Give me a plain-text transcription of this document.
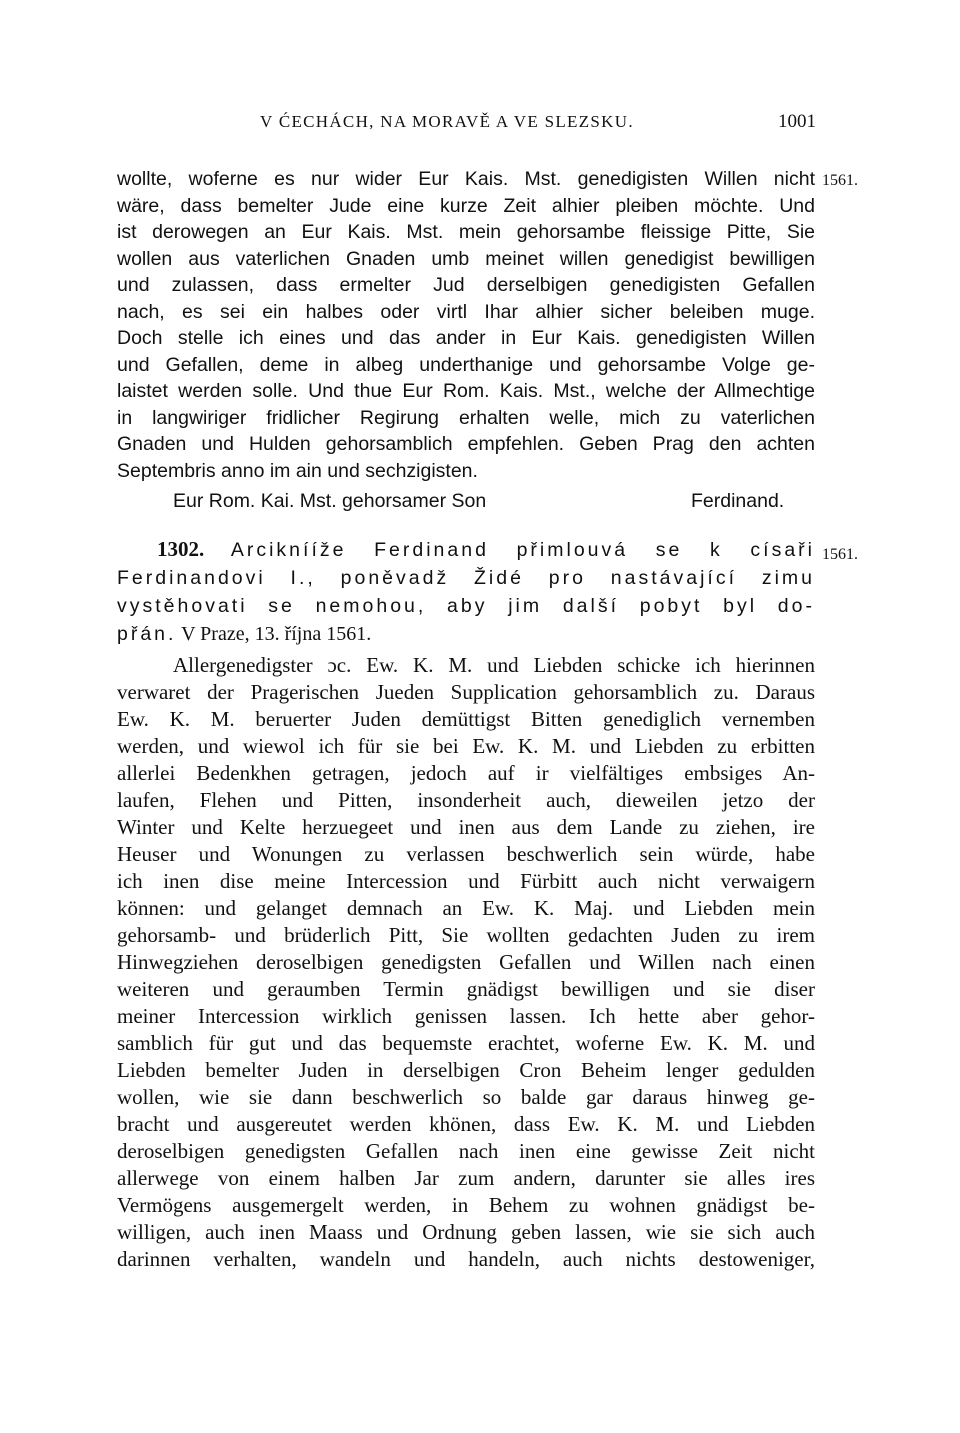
V ĆECHÁCH, NA MORAVĚ A VE SLEZSKU.	1001
1561.
wollte, woferne es nur wider Eur Kais. Mst. genedigisten Willen nicht
wäre, dass bemelter Jude eine kurze Zeit alhier pleiben möchte. Und
ist derowegen an Eur Kais. Mst. mein gehorsambe fleissige Pitte, Sie
wollen aus vaterlichen Gnaden umb meinet willen genedigist bewilligen
und zulassen, dass ermelter Jud derselbigen genedigisten Gefallen
nach, es sei ein halbes oder virtl Ihar alhier sicher beleiben muge.
Doch stelle ich eines und das ander in Eur Kais. genedigisten Willen
und Gefallen, deme in albeg underthanige und gehorsambe Volge ge-
laistet werden solle. Und thue Eur Rom. Kais. Mst., welche der Allmechtige
in langwiriger fridlicher Regirung erhalten welle, mich zu vaterlichen
Gnaden und Hulden gehorsamblich empfehlen. Geben Prag den achten
Septembris anno im ain und sechzigisten.
Eur Rom. Kai. Mst. gehorsamer Son	Ferdinand.
1561.
1302. Arciknííže Ferdinand přimlouvá se k císaři
Ferdinandovi I., poněvadž Židé pro nastávající zimu
vystěhovati se nemohou, aby jim další pobyt byl do-
přán. V Praze, 13. října 1561.
Allergenedigster ɔc. Ew. K. M. und Liebden schicke ich hierinnen
verwaret der Pragerischen Jueden Supplication gehorsamblich zu. Daraus
Ew. K. M. beruerter Juden demüttigst Bitten genediglich vernemben
werden, und wiewol ich für sie bei Ew. K. M. und Liebden zu erbitten
allerlei Bedenkhen getragen, jedoch auf ir vielfältiges embsiges An-
laufen, Flehen und Pitten, insonderheit auch, dieweilen jetzo der
Winter und Kelte herzuegeet und inen aus dem Lande zu ziehen, ire
Heuser und Wonungen zu verlassen beschwerlich sein würde, habe
ich inen dise meine Intercession und Fürbitt auch nicht verwaigern
können: und gelanget demnach an Ew. K. Maj. und Liebden mein
gehorsamb- und brüderlich Pitt, Sie wollten gedachten Juden zu irem
Hinwegziehen deroselbigen genedigsten Gefallen und Willen nach einen
weiteren und geraumben Termin gnädigst bewilligen und sie diser
meiner Intercession wirklich genissen lassen. Ich hette aber gehor-
samblich für gut und das bequemste erachtet, woferne Ew. K. M. und
Liebden bemelter Juden in derselbigen Cron Beheim lenger gedulden
wollen, wie sie dann beschwerlich so balde gar daraus hinweg ge-
bracht und ausgereutet werden khönen, dass Ew. K. M. und Liebden
deroselbigen genedigsten Gefallen nach inen eine gewisse Zeit nicht
allerwege von einem halben Jar zum andern, darunter sie alles ires
Vermögens ausgemergelt werden, in Behem zu wohnen gnädigst be-
willigen, auch inen Maass und Ordnung geben lassen, wie sie sich auch
darinnen verhalten, wandeln und handeln, auch nichts destoweniger,
